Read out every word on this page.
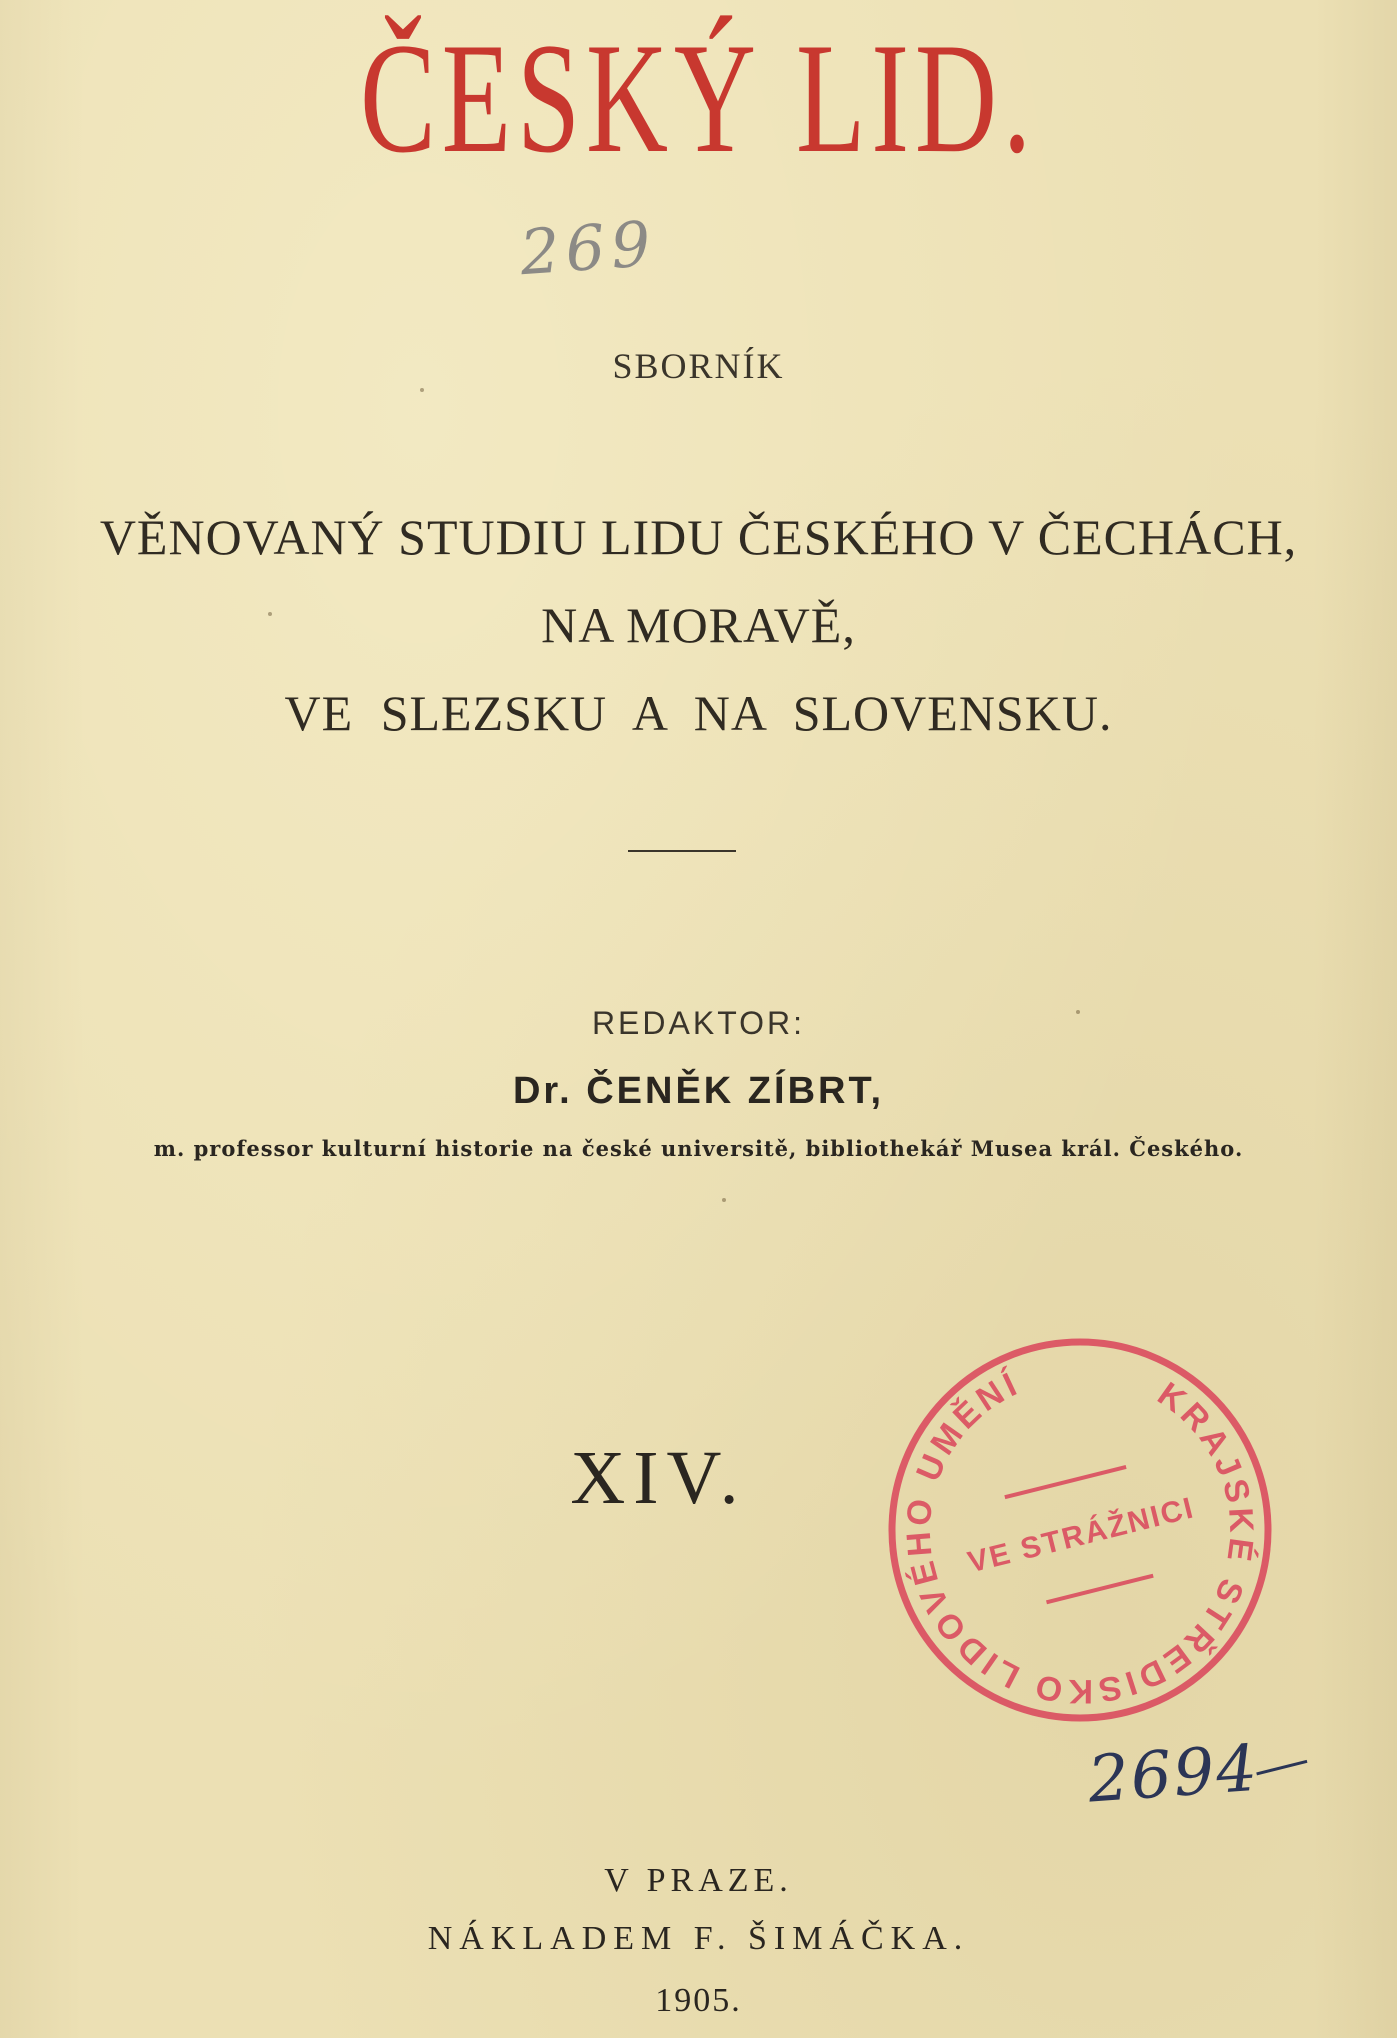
ČESKÝ LID.
269
SBORNÍK
VĚNOVANÝ STUDIU LIDU ČESKÉHO V ČECHÁCH,
NA MORAVĚ,
VE SLEZSKU A NA SLOVENSKU.
REDAKTOR:
Dr. ČENĚK ZÍBRT,
m. professor kulturní historie na české universitě, bibliothekář Musea král. Českého.
XIV.
KRAJSKÉ STŘEDISKO LIDOVÉHO UMĚNÍ
VE STRÁŽNICI
2694
V PRAZE.
NÁKLADEM F. ŠIMÁČKA.
1905.
